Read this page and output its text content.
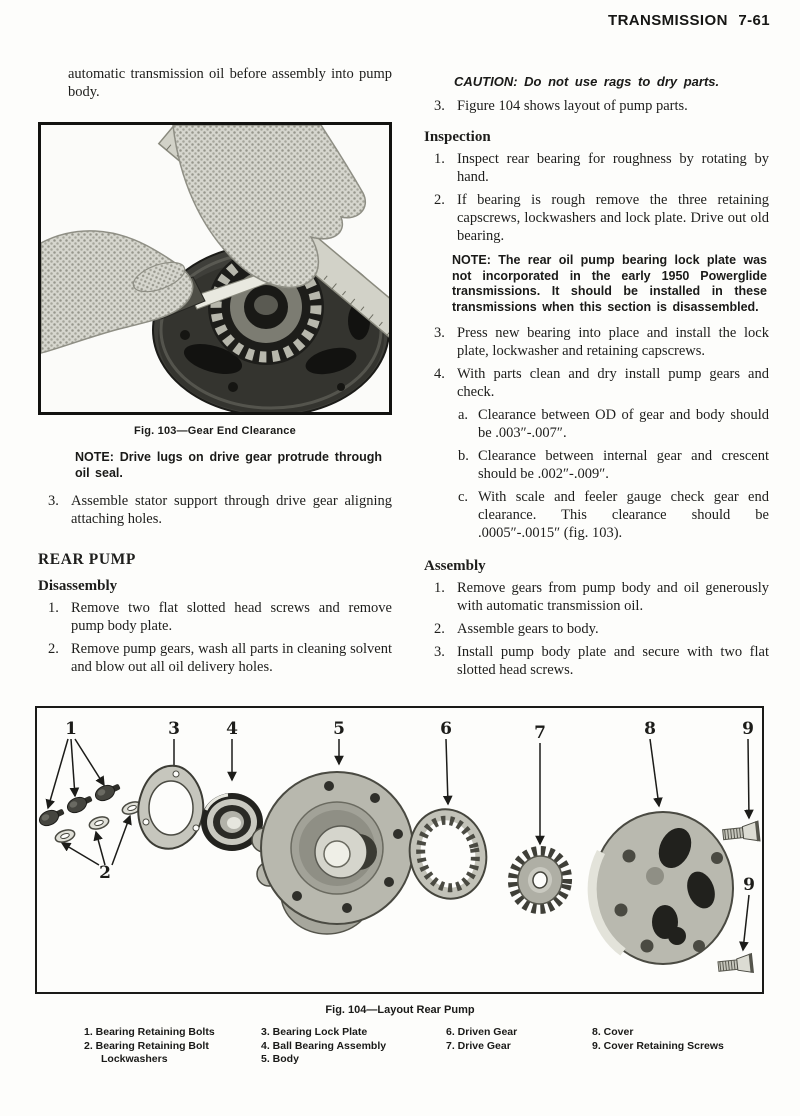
TRANSMISSION 7-61

automatic transmission oil before assembly into pump body.

Fig. 103—Gear End Clearance
NOTE: Drive lugs on drive gear protrude through oil seal.
3. Assemble stator support through drive gear aligning attaching holes.
REAR PUMP
Disassembly
1. Remove two flat slotted head screws and remove pump body plate.
2. Remove pump gears, wash all parts in cleaning solvent and blow out all oil delivery holes.
CAUTION: Do not use rags to dry parts.
3. Figure 104 shows layout of pump parts.
Inspection
1. Inspect rear bearing for roughness by rotating by hand.
2. If bearing is rough remove the three retaining capscrews, lockwashers and lock plate. Drive out old bearing.
NOTE: The rear oil pump bearing lock plate was not incorporated in the early 1950 Powerglide transmissions. It should be installed in these transmissions when this section is disassembled.
3. Press new bearing into place and install the lock plate, lockwasher and retaining capscrews.
4. With parts clean and dry install pump gears and check.
a. Clearance between OD of gear and body should be .003″-.007″.
b. Clearance between internal gear and crescent should be .002″-.009″.
c. With scale and feeler gauge check gear end clearance. This clearance should be .0005″-.0015″ (fig. 103).
Assembly
1. Remove gears from pump body and oil generously with automatic transmission oil.
2. Assemble gears to body.
3. Install pump body plate and secure with two flat slotted head screws.
1
2
3	4	5	6	7	8	9
9
Fig. 104—Layout Rear Pump
1. Bearing Retaining Bolts
2. Bearing Retaining Bolt
Lockwashers
3. Bearing Lock Plate
4. Ball Bearing Assembly
5. Body
6. Driven Gear
7. Drive Gear
8. Cover
9. Cover Retaining Screws
